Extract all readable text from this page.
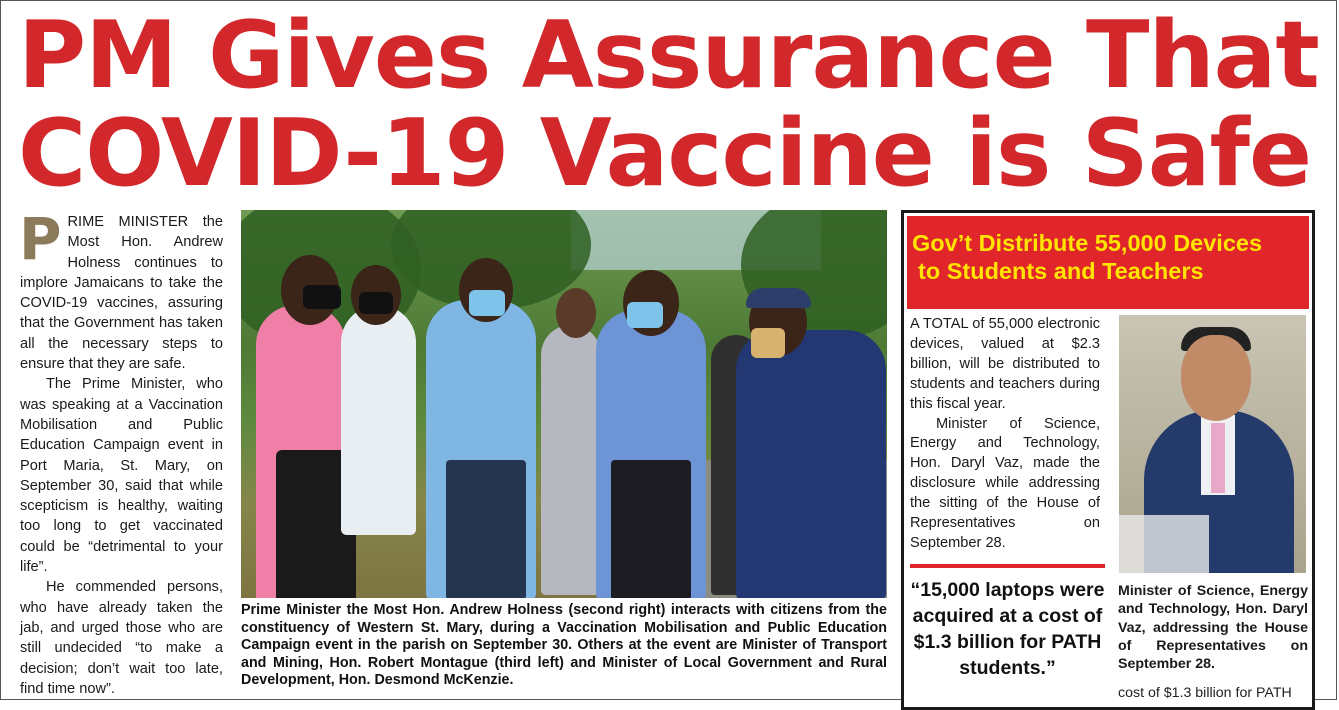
PM Gives Assurance That
COVID-19 Vaccine is Safe

PRIME MINISTER the Most Hon. Andrew Holness continues to implore Jamaicans to take the COVID-19 vaccines, assuring that the Government has taken all the necessary steps to ensure that they are safe.

The Prime Minister, who was speaking at a Vaccination Mobilisation and Public Education Campaign event in Port Maria, St. Mary, on September 30, said that while scepticism is healthy, waiting too long to get vaccinated could be “detrimental to your life”.

He commended persons, who have already taken the jab, and urged those who are still undecided “to make a decision; don’t wait too late, find time now”.

Prime Minister the Most Hon. Andrew Holness (second right) interacts with citizens from the constituency of Western St. Mary, during a Vaccination Mobilisation and Public Education Campaign event in the parish on September 30. Others at the event are Minister of Transport and Mining, Hon. Robert Montague (third left) and Minister of Local Government and Rural Development, Hon. Desmond McKenzie.
Gov’t Distribute 55,000 Devices
to Students and Teachers

A TOTAL of 55,000 electronic devices, valued at $2.3 billion, will be distributed to students and teachers during this fiscal year.

Minister of Science, Energy and Technology, Hon. Daryl Vaz, made the disclosure while addressing the sitting of the House of Representatives on September 28.

“15,000 laptops were acquired at a cost of $1.3 billion for PATH students.”
Minister of Science, Energy and Technology, Hon. Daryl Vaz, addressing the House of Representatives on September 28.
cost of $1.3 billion for PATH
